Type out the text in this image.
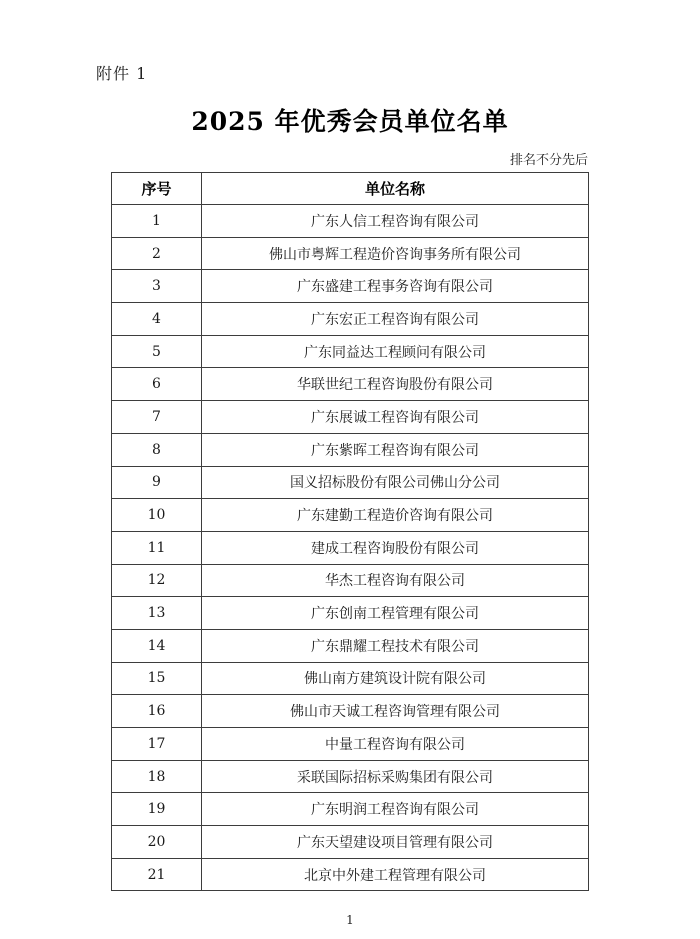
附件 1
2025 年优秀会员单位名单
排名不分先后
序号	单位名称
1	广东人信工程咨询有限公司
2	佛山市粤辉工程造价咨询事务所有限公司
3	广东盛建工程事务咨询有限公司
4	广东宏正工程咨询有限公司
5	广东同益达工程顾问有限公司
6	华联世纪工程咨询股份有限公司
7	广东展诚工程咨询有限公司
8	广东紫晖工程咨询有限公司
9	国义招标股份有限公司佛山分公司
10	广东建勤工程造价咨询有限公司
11	建成工程咨询股份有限公司
12	华杰工程咨询有限公司
13	广东创南工程管理有限公司
14	广东鼎耀工程技术有限公司
15	佛山南方建筑设计院有限公司
16	佛山市天诚工程咨询管理有限公司
17	中量工程咨询有限公司
18	采联国际招标采购集团有限公司
19	广东明润工程咨询有限公司
20	广东天望建设项目管理有限公司
21	北京中外建工程管理有限公司
1
